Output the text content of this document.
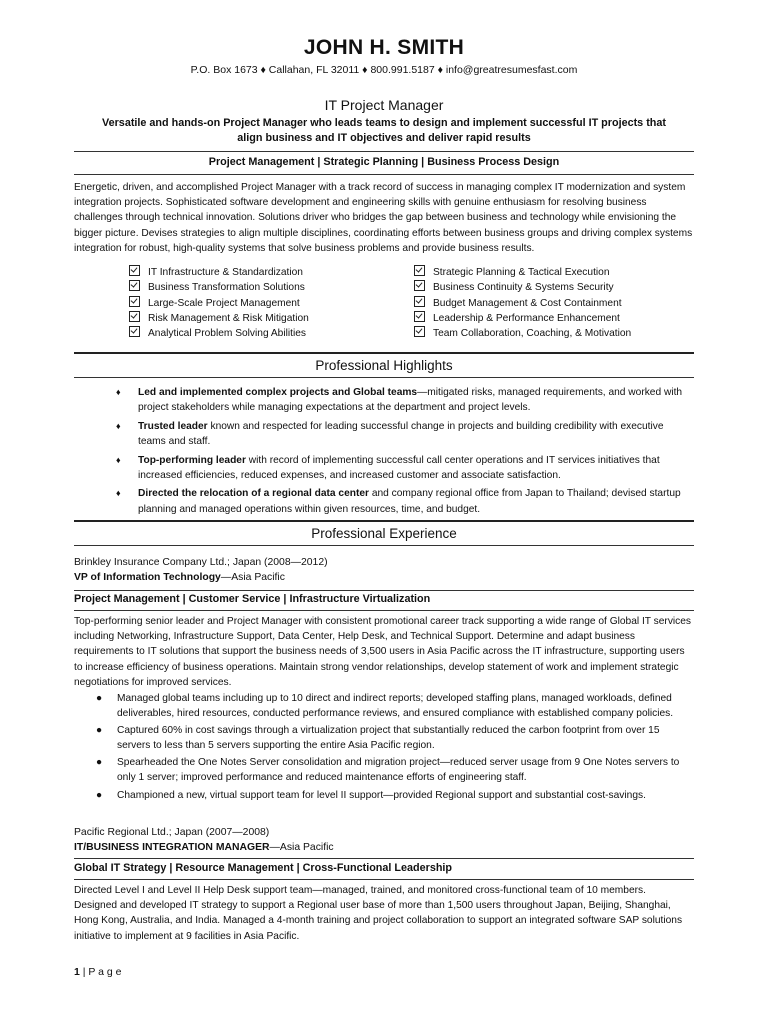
JOHN H. SMITH
P.O. Box 1673 ♦ Callahan, FL 32011 ♦ 800.991.5187 ♦ info@greatresumesfast.com
IT Project Manager
Versatile and hands-on Project Manager who leads teams to design and implement successful IT projects that align business and IT objectives and deliver rapid results
Project Management | Strategic Planning | Business Process Design
Energetic, driven, and accomplished Project Manager with a track record of success in managing complex IT modernization and system integration projects. Sophisticated software development and engineering skills with genuine enthusiasm for resolving business challenges through technical innovation. Solutions driver who bridges the gap between business and technology while envisioning the bigger picture. Devises strategies to align multiple disciplines, coordinating efforts between business groups and driving complex systems integration for robust, high-quality systems that solve business problems and provide business results.
IT Infrastructure & Standardization
Business Transformation Solutions
Large-Scale Project Management
Risk Management & Risk Mitigation
Analytical Problem Solving Abilities
Strategic Planning & Tactical Execution
Business Continuity & Systems Security
Budget Management & Cost Containment
Leadership & Performance Enhancement
Team Collaboration, Coaching, & Motivation
Professional Highlights
♦ Led and implemented complex projects and Global teams—mitigated risks, managed requirements, and worked with project stakeholders while managing expectations at the department and project levels.
♦ Trusted leader known and respected for leading successful change in projects and building credibility with executive teams and staff.
♦ Top-performing leader with record of implementing successful call center operations and IT services initiatives that increased efficiencies, reduced expenses, and increased customer and associate satisfaction.
♦ Directed the relocation of a regional data center and company regional office from Japan to Thailand; devised startup planning and managed operations within given resources, time, and budget.
Professional Experience
Brinkley Insurance Company Ltd.; Japan (2008—2012)
VP of Information Technology—Asia Pacific
Project Management | Customer Service | Infrastructure Virtualization
Top-performing senior leader and Project Manager with consistent promotional career track supporting a wide range of Global IT services including Networking, Infrastructure Support, Data Center, Help Desk, and Technical Support. Determine and adapt business requirements to IT solutions that support the business needs of 3,500 users in Asia Pacific across the IT infrastructure, supporting users to increase efficiency of business operations. Maintain strong vendor relationships, develop statement of work and implement strategic negotiations for improved services.
● Managed global teams including up to 10 direct and indirect reports; developed staffing plans, managed workloads, defined deliverables, hired resources, conducted performance reviews, and ensured compliance with established company policies.
● Captured 60% in cost savings through a virtualization project that substantially reduced the carbon footprint from over 15 servers to less than 5 servers supporting the entire Asia Pacific region.
● Spearheaded the One Notes Server consolidation and migration project—reduced server usage from 9 One Notes servers to only 1 server; improved performance and reduced maintenance efforts of engineering staff.
● Championed a new, virtual support team for level II support—provided Regional support and substantial cost-savings.
Pacific Regional Ltd.; Japan (2007—2008)
IT/BUSINESS INTEGRATION MANAGER—Asia Pacific
Global IT Strategy | Resource Management | Cross-Functional Leadership

Directed Level I and Level II Help Desk support team—managed, trained, and monitored cross-functional team of 10 members.

Designed and developed IT strategy to support a Regional user base of more than 1,500 users throughout Japan, Beijing, Shanghai, Hong Kong, Australia, and India. Managed a 4-month training and project collaboration to support an integrated software SAP solutions initiative to implement at 9 facilities in Asia Pacific.

1 | P a g e
